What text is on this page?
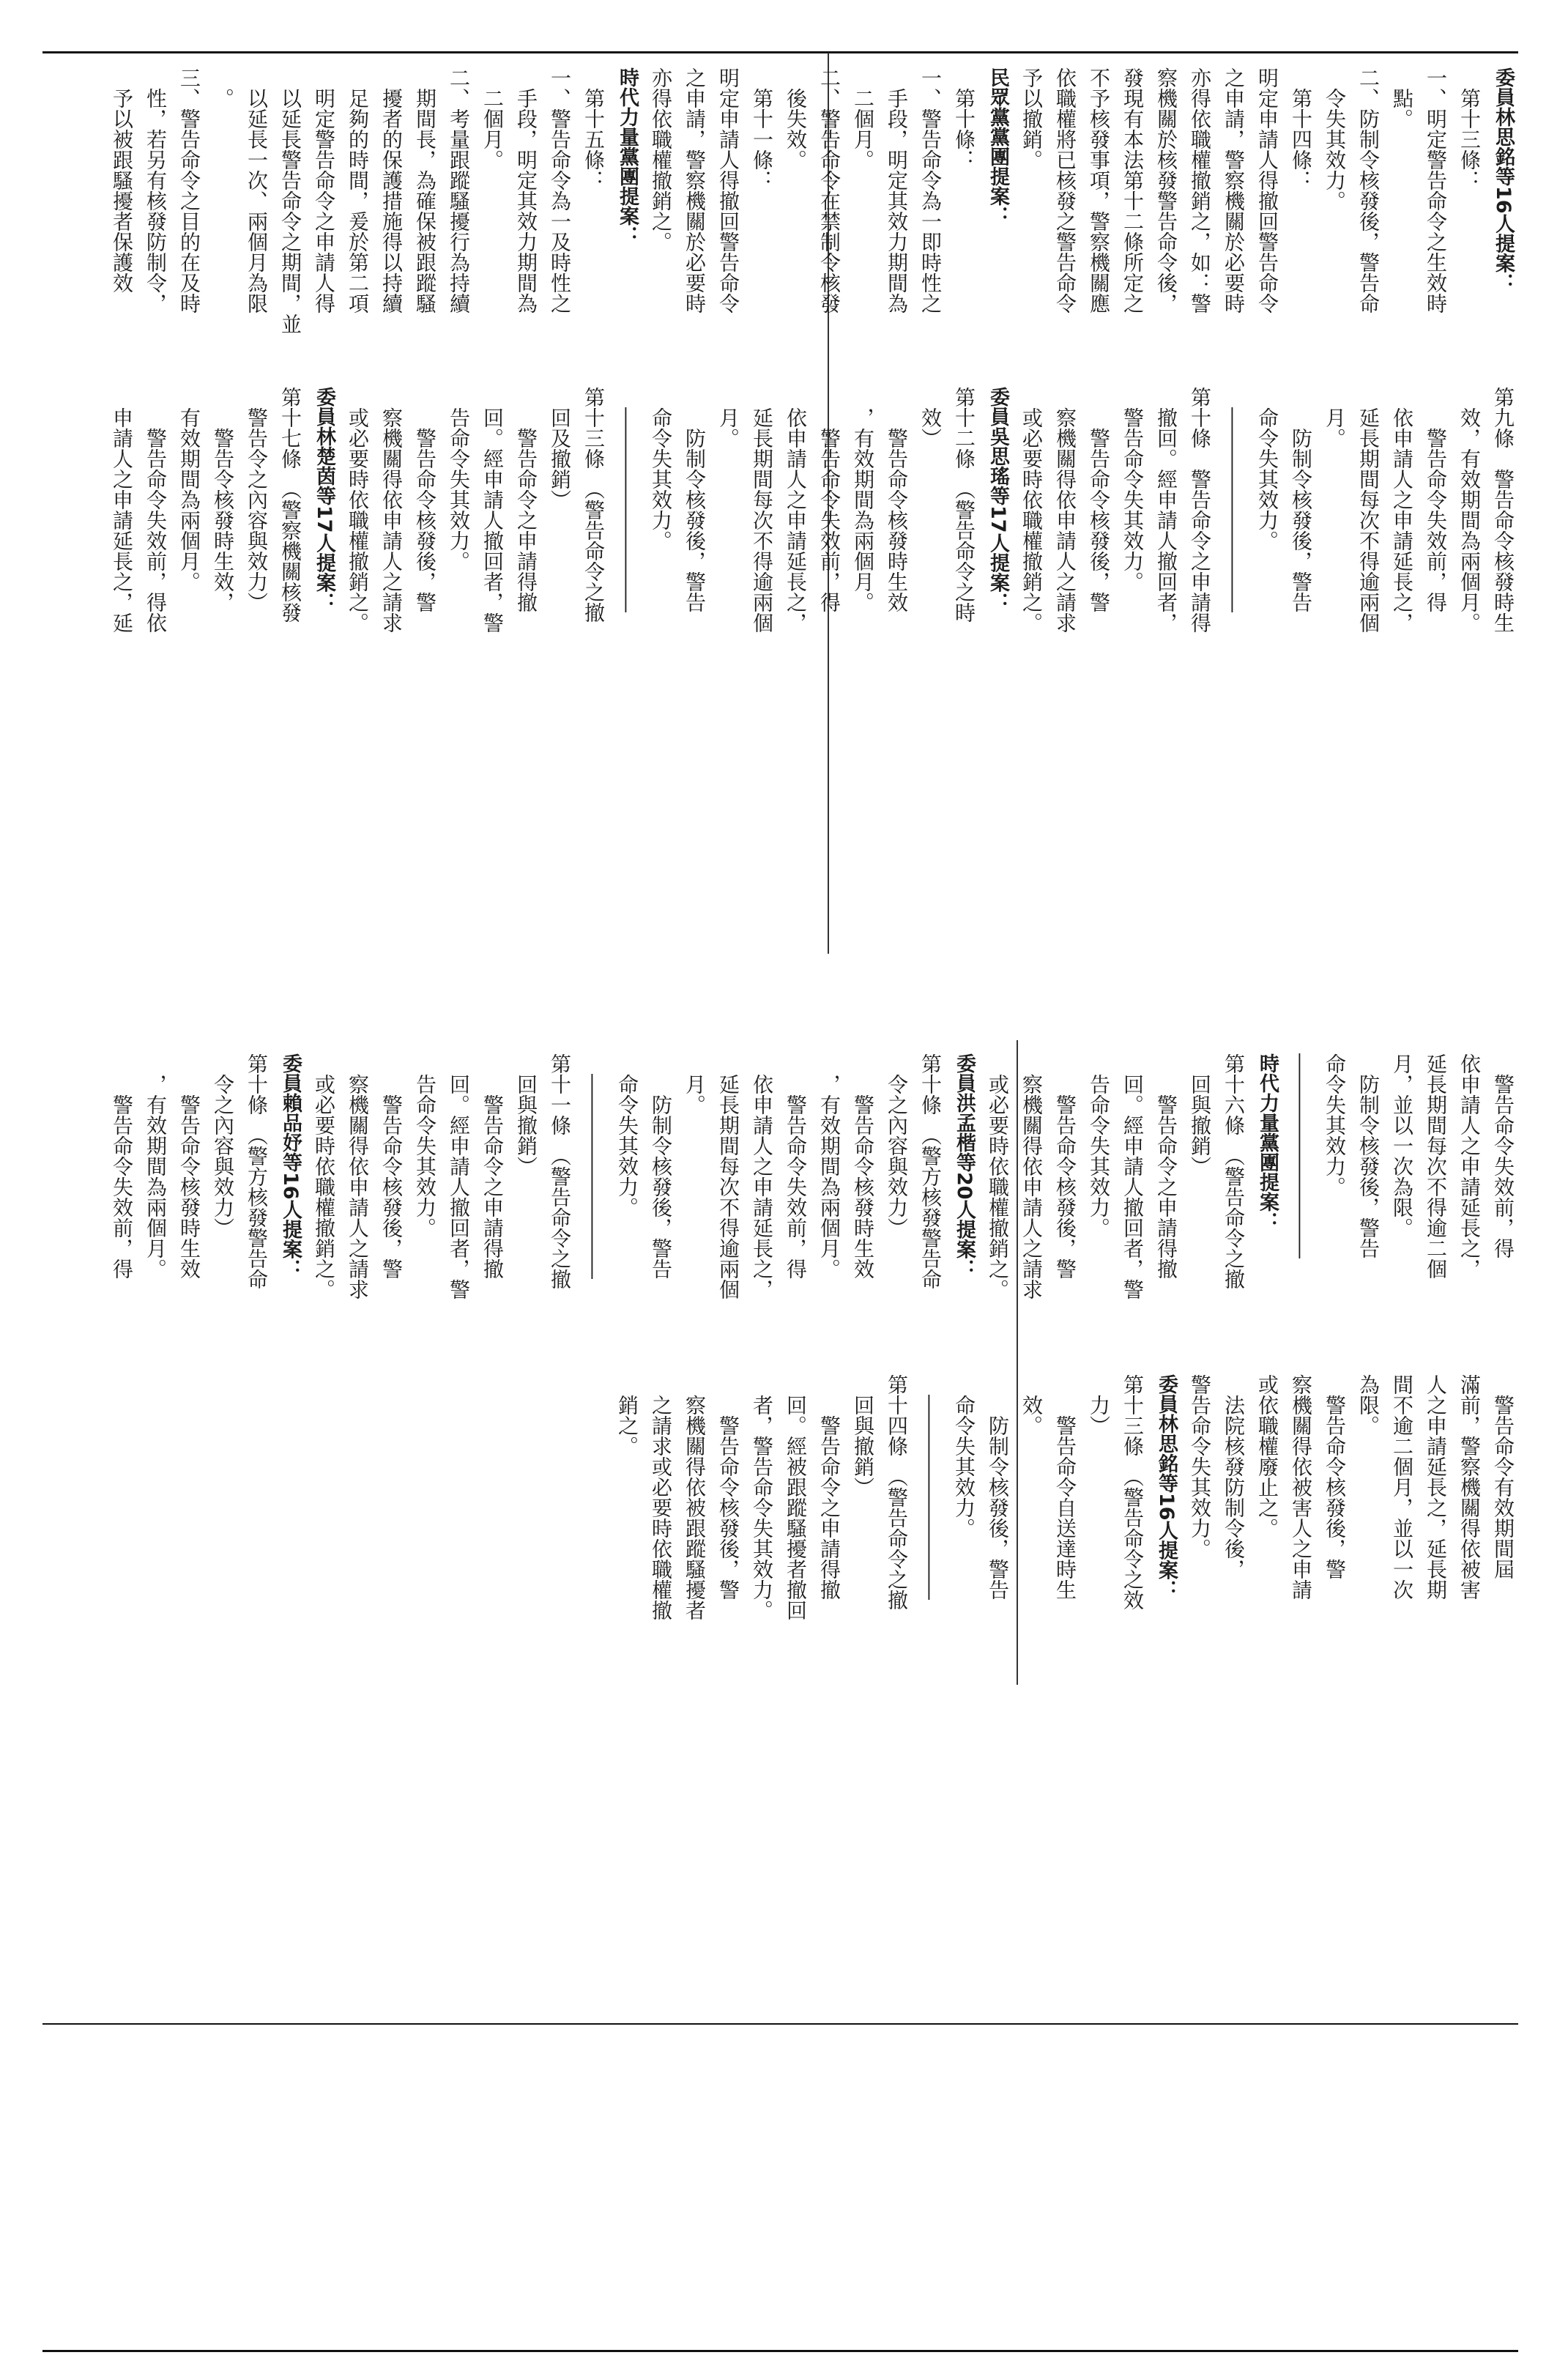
委員林思銘等16人提案：
　第十三條：
一、明定警告命令之生效時
　點。
二、防制令核發後，警告命
　令失其效力。
　第十四條：
明定申請人得撤回警告命令
之申請，警察機關於必要時
亦得依職權撤銷之，如：警
察機關於核發警告命令後，
發現有本法第十二條所定之
不予核發事項，警察機關應
依職權將已核發之警告命令
予以撤銷。
民眾黨黨團提案：
　第十條：
一、警告命令為一即時性之
　手段，明定其效力期間為
　二個月。
二、警告命令在禁制令核發
　後失效。
　第十一條：
明定申請人得撤回警告命令
之申請，警察機關於必要時
亦得依職權撤銷之。
時代力量黨團提案：
　第十五條：
一、警告命令為一及時性之
　手段，明定其效力期間為
　二個月。
二、考量跟蹤騷擾行為持續
　期間長，為確保被跟蹤騷
　擾者的保護措施得以持續
　足夠的時間，爰於第二項
　明定警告命令之申請人得
　以延長警告命令之期間，並
　以延長一次、兩個月為限
　。
三、警告命令之目的在及時
　性，若另有核發防制令，
　予以被跟騷擾者保護效
第九條　警告命令核發時生
　效，有效期間為兩個月。
　　警告命令失效前，得
　依申請人之申請延長之，
　延長期間每次不得逾兩個
　月。
　　防制令核發後，警告
　命令失其效力。
　――――――――――
第十條　警告命令之申請得
　撤回。經申請人撤回者，
　警告命令失其效力。
　　警告命令核發後，警
　察機關得依申請人之請求
　或必要時依職權撤銷之。
委員吳思瑤等17人提案：
第十二條　（警告命令之時
　效）
　　警告命令核發時生效
　，有效期間為兩個月。
　　警告命令失效前，得
　依申請人之申請延長之，
　延長期間每次不得逾兩個
　月。
　　防制令核發後，警告
　命令失其效力。
　――――――――――
第十三條　（警告命令之撤
　回及撤銷）
　　警告命令之申請得撤
　回。經申請人撤回者，警
　告命令失其效力。
　　警告命令核發後，警
　察機關得依申請人之請求
　或必要時依職權撤銷之。
委員林楚茵等17人提案：
第十七條　（警察機關核發
　警告令之內容與效力）
　　警告令核發時生效，
　有效期間為兩個月。
　　警告命令失效前，得依
　申請人之申請延長之，延
　警告命令失效前，得
依申請人之申請延長之，
延長期間每次不得逾二個
月，並以一次為限。
　防制令核發後，警告
命令失其效力。
――――――――――
時代力量黨團提案：
第十六條　（警告命令之撤
　回與撤銷）
　　警告命令之申請得撤
　回。經申請人撤回者，警
　告命令失其效力。
　　警告命令核發後，警
　察機關得依申請人之請求
　或必要時依職權撤銷之。
委員洪孟楷等20人提案：
第十條　（警方核發警告命
　令之內容與效力）
　　警告命令核發時生效
　，有效期間為兩個月。
　　警告命令失效前，得
　依申請人之申請延長之，
　延長期間每次不得逾兩個
　月。
　　防制令核發後，警告
　命令失其效力。
　――――――――――
第十一條　（警告命令之撤
　回與撤銷）
　　警告命令之申請得撤
　回。經申請人撤回者，警
　告命令失其效力。
　　警告命令核發後，警
　察機關得依申請人之請求
　或必要時依職權撤銷之。
委員賴品妤等16人提案：
第十條　（警方核發警告命
　令之內容與效力）
　　警告命令核發時生效
　，有效期間為兩個月。
　　警告命令失效前，得
　警告命令有效期間屆
滿前，警察機關得依被害
人之申請延長之，延長期
間不逾二個月，並以一次
為限。
　警告命令核發後，警
察機關得依被害人之申請
或依職權廢止之。
　法院核發防制令後，
警告命令失其效力。
委員林思銘等16人提案：
第十三條　（警告命令之效
　力）
　　警告命令自送達時生
　效。
　　防制令核發後，警告
　命令失其效力。
　――――――――――
第十四條　（警告命令之撤
　回與撤銷）
　　警告命令之申請得撤
　回。經被跟蹤騷擾者撤回
　者，警告命令失其效力。
　　警告命令核發後，警
　察機關得依被跟蹤騷擾者
　之請求或必要時依職權撤
　銷之。
